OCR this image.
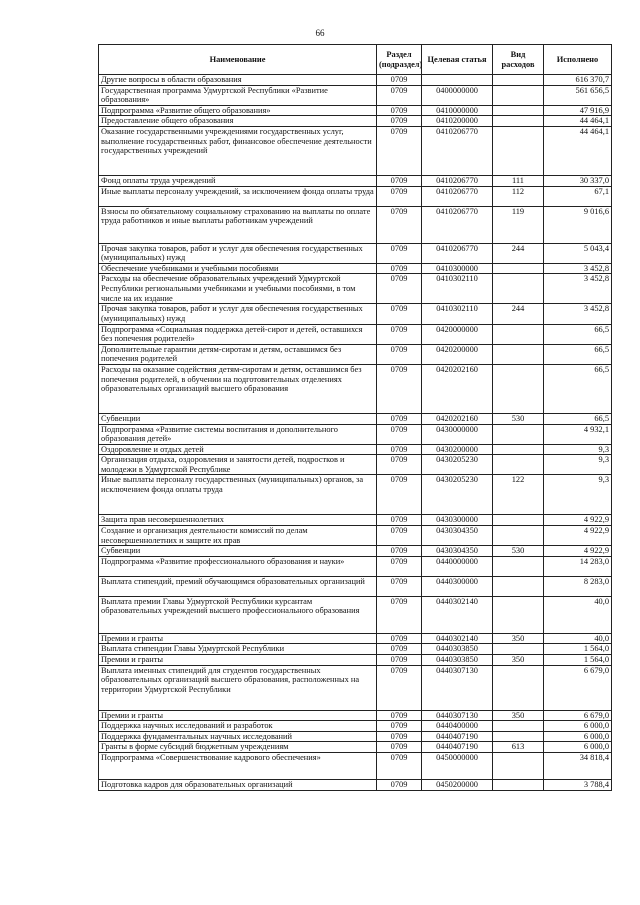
66
Наименование	Раздел (подраздел)	Целевая статья	Вид расходов	Исполнено
Другие вопросы в области образования	0709			616 370,7
Государственная программа Удмуртской Республики «Развитие образования»	0709	0400000000		561 656,5
Подпрограмма «Развитие общего образования»	0709	0410000000		47 916,9
Предоставление общего образования	0709	0410200000		44 464,1
Оказание государственными учреждениями государственных услуг, выполнение государственных работ, финансовое обеспечение деятельности государственных учреждений	0709	0410206770		44 464,1
Фонд оплаты труда учреждений	0709	0410206770	111	30 337,0
Иные выплаты персоналу учреждений, за исключением фонда оплаты труда	0709	0410206770	112	67,1
Взносы по обязательному социальному страхованию на выплаты по оплате труда работников и иные выплаты работникам учреждений	0709	0410206770	119	9 016,6
Прочая закупка товаров, работ и услуг для обеспечения государственных (муниципальных) нужд	0709	0410206770	244	5 043,4
Обеспечение учебниками и учебными пособиями	0709	0410300000		3 452,8
Расходы на обеспечение образовательных учреждений Удмуртской Республики региональными учебниками и учебными пособиями, в том числе на их издание	0709	0410302110		3 452,8
Прочая закупка товаров, работ и услуг для обеспечения государственных (муниципальных) нужд	0709	0410302110	244	3 452,8
Подпрограмма «Социальная поддержка детей-сирот и детей, оставшихся без попечения родителей»	0709	0420000000		66,5
Дополнительные гарантии детям-сиротам и детям, оставшимся без попечения родителей	0709	0420200000		66,5
Расходы на оказание содействия детям-сиротам и детям, оставшимся без попечения родителей, в обучении на подготовительных отделениях образовательных организаций высшего образования	0709	0420202160		66,5
Субвенции	0709	0420202160	530	66,5
Подпрограмма «Развитие системы воспитания и дополнительного образования детей»	0709	0430000000		4 932,1
Оздоровление и отдых детей	0709	0430200000		9,3
Организация отдыха, оздоровления и занятости детей, подростков и молодежи в Удмуртской Республике	0709	0430205230		9,3
Иные выплаты персоналу государственных (муниципальных) органов, за исключением фонда оплаты труда	0709	0430205230	122	9,3
Защита прав несовершеннолетних	0709	0430300000		4 922,9
Создание и организация деятельности комиссий по делам несовершеннолетних и защите их прав	0709	0430304350		4 922,9
Субвенции	0709	0430304350	530	4 922,9
Подпрограмма «Развитие профессионального образования и науки»	0709	0440000000		14 283,0
Выплата стипендий, премий обучающимся образовательных организаций	0709	0440300000		8 283,0
Выплата премии Главы Удмуртской Республики курсантам образовательных учреждений высшего профессионального образования	0709	0440302140		40,0
Премии и гранты	0709	0440302140	350	40,0
Выплата стипендии Главы Удмуртской Республики	0709	0440303850		1 564,0
Премии и гранты	0709	0440303850	350	1 564,0
Выплата именных стипендий для студентов государственных образовательных организаций высшего образования, расположенных на территории Удмуртской Республики	0709	0440307130		6 679,0
Премии и гранты	0709	0440307130	350	6 679,0
Поддержка научных исследований и разработок	0709	0440400000		6 000,0
Поддержка фундаментальных научных исследований	0709	0440407190		6 000,0
Гранты в форме субсидий бюджетным учреждениям	0709	0440407190	613	6 000,0
Подпрограмма «Совершенствование кадрового обеспечения»	0709	0450000000		34 818,4
Подготовка кадров для образовательных организаций	0709	0450200000		3 788,4
